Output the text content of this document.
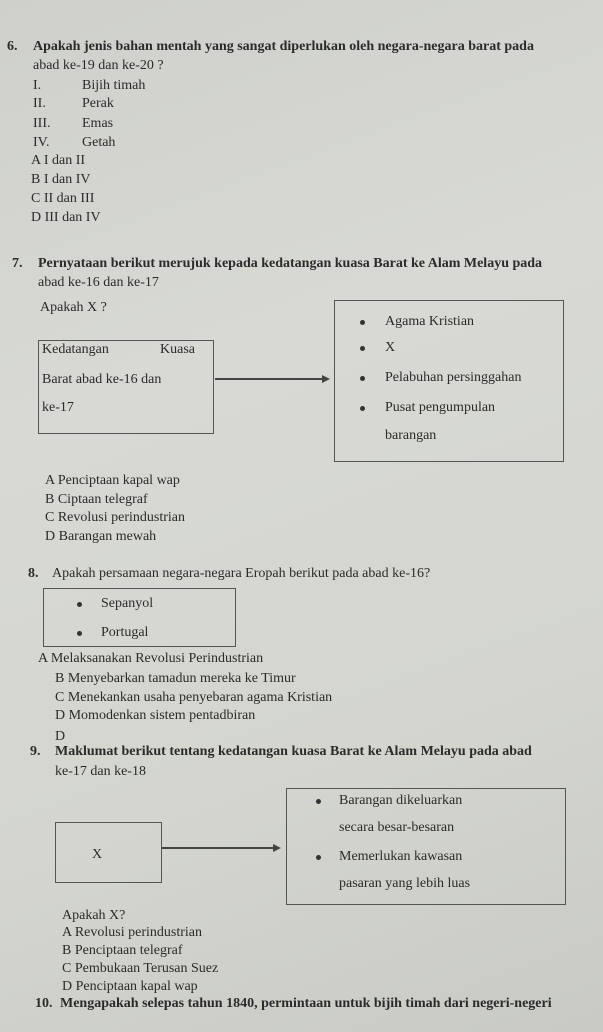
6. Apakah jenis bahan mentah yang sangat diperlukan oleh negara-negara barat pada
abad ke-19 dan ke-20 ?
I.	Bijih timah
II.	Perak
III. Emas
IV. Getah
A I dan II
B I dan IV
C II dan III
D III dan IV
7. Pernyataan berikut merujuk kepada kedatangan kuasa Barat ke Alam Melayu pada
abad ke-16 dan ke-17
Apakah X ?
Kedatangan	Kuasa
Barat abad ke-16 dan
ke-17
Agama Kristian
X
Pelabuhan persinggahan
Pusat pengumpulan
barangan
A Penciptaan kapal wap
B Ciptaan telegraf
C Revolusi perindustrian
D Barangan mewah
8. Apakah persamaan negara-negara Eropah berikut pada abad ke-16?
Sepanyol
Portugal
A Melaksanakan Revolusi Perindustrian
B Menyebarkan tamadun mereka ke Timur
C Menekankan usaha penyebaran agama Kristian
D Momodenkan sistem pentadbiran
D
9. Maklumat berikut tentang kedatangan kuasa Barat ke Alam Melayu pada abad
ke-17 dan ke-18
X
Barangan dikeluarkan
secara besar-besaran
Memerlukan kawasan
pasaran yang lebih luas
Apakah X?
A Revolusi perindustrian
B Penciptaan telegraf
C Pembukaan Terusan Suez
D Penciptaan kapal wap
10. Mengapakah selepas tahun 1840, permintaan untuk bijih timah dari negeri-negeri
